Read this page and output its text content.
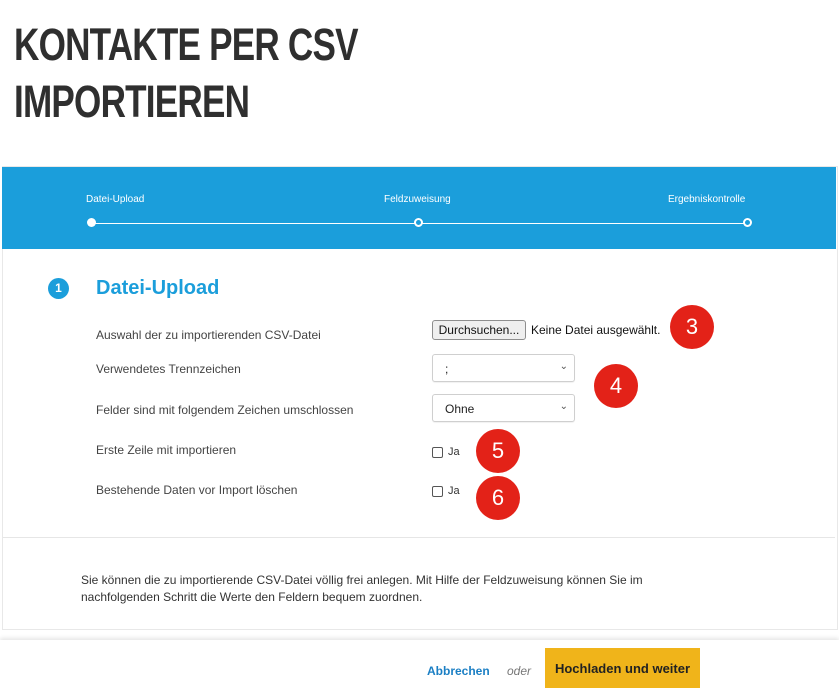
KONTAKTE PER CSV
IMPORTIEREN
Datei-Upload	Feldzuweisung	Ergebniskontrolle
1	Datei-Upload
Auswahl der zu importierenden CSV-Datei	Durchsuchen... Keine Datei ausgewählt.
Verwendetes Trennzeichen	;	⌄
Felder sind mit folgendem Zeichen umschlossen	Ohne	⌄
Erste Zeile mit importieren	Ja
Bestehende Daten vor Import löschen	Ja
3
4
5
6

Sie können die zu importierende CSV-Datei völlig frei anlegen. Mit Hilfe der Feldzuweisung können Sie im nachfolgenden Schritt die Werte den Feldern bequem zuordnen.

Abbrechen oder	Hochladen und weiter
